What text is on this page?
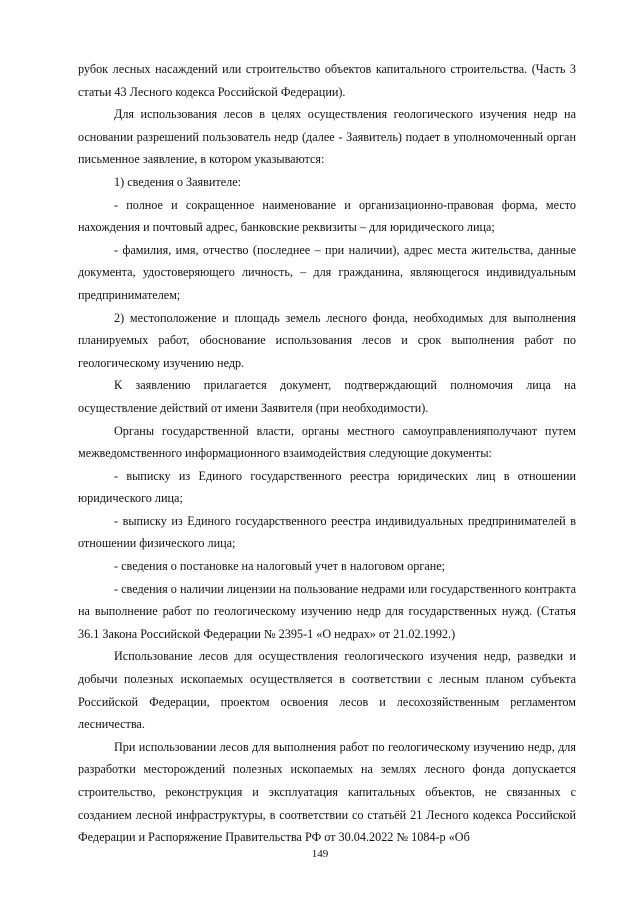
рубок лесных насаждений или строительство объектов капитального строительства. (Часть 3 статьи 43 Лесного кодекса Российской Федерации).

Для использования лесов в целях осуществления геологического изучения недр на основании разрешений пользователь недр (далее - Заявитель) подает в уполномоченный орган письменное заявление, в котором указываются:

1) сведения о Заявителе:

- полное и сокращенное наименование и организационно-правовая форма, место нахождения и почтовый адрес, банковские реквизиты – для юридического лица;

- фамилия, имя, отчество (последнее – при наличии), адрес места жительства, данные документа, удостоверяющего личность, – для гражданина, являющегося индивидуальным предпринимателем;

2) местоположение и площадь земель лесного фонда, необходимых для выполнения планируемых работ, обоснование использования лесов и срок выполнения работ по геологическому изучению недр.

К заявлению прилагается документ, подтверждающий полномочия лица на осуществление действий от имени Заявителя (при необходимости).

Органы государственной власти, органы местного самоуправленияполучают путем межведомственного информационного взаимодействия следующие документы:

- выписку из Единого государственного реестра юридических лиц в отношении юридического лица;

- выписку из Единого государственного реестра индивидуальных предпринимателей в отношении физического лица;

- сведения о постановке на налоговый учет в налоговом органе;

- сведения о наличии лицензии на пользование недрами или государственного контракта на выполнение работ по геологическому изучению недр для государственных нужд. (Статья 36.1 Закона Российской Федерации № 2395-1 «О недрах» от 21.02.1992.)

Использование лесов для осуществления геологического изучения недр, разведки и добычи полезных ископаемых осуществляется в соответствии с лесным планом субъекта Российской Федерации, проектом освоения лесов и лесохозяйственным регламентом лесничества.

При использовании лесов для выполнения работ по геологическому изучению недр, для разработки месторождений полезных ископаемых на землях лесного фонда допускается строительство, реконструкция и эксплуатация капитальных объектов, не связанных с созданием лесной инфраструктуры, в соответствии со статьёй 21 Лесного кодекса Российской Федерации и Распоряжение Правительства РФ от 30.04.2022 № 1084-р «Об

149
